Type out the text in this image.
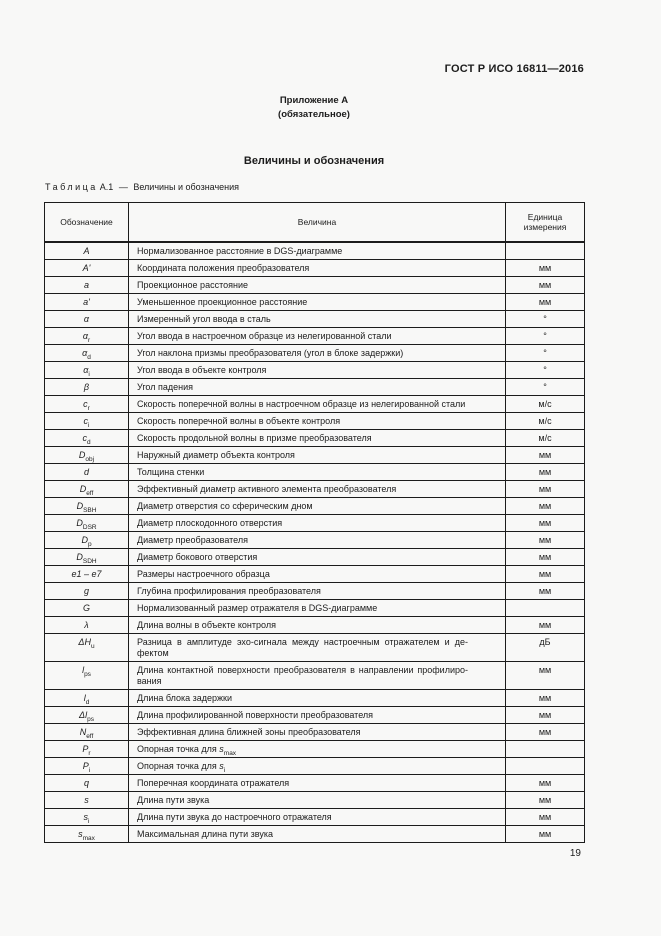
ГОСТ Р ИСО 16811—2016
Приложение А
(обязательное)
Величины и обозначения
Таблица А.1 — Величины и обозначения
Обозначение	Величина	Единица измерения
A	Нормализованное расстояние в DGS-диаграмме	

A'	Координата положения преобразователя	мм
a	Проекционное расстояние	мм
a'	Уменьшенное проекционное расстояние	мм
α	Измеренный угол ввода в сталь	°
$\alpha_r$	Угол ввода в настроечном образце из нелегированной стали	°
$\alpha_d$	Угол наклона призмы преобразователя (угол в блоке задержки)	°
$\alpha_i$	Угол ввода в объекте контроля	°
β	Угол падения	°
$c_r$	Скорость поперечной волны в настроечном образце из нелегированной стали	м/с
$c_i$	Скорость поперечной волны в объекте контроля	м/с
$c_d$	Скорость продольной волны в призме преобразователя	м/с
$D_{obj}$	Наружный диаметр объекта контроля	мм
d	Толщина стенки	мм
$D_{eff}$	Эффективный диаметр активного элемента преобразователя	мм
$D_{SBH}$	Диаметр отверстия со сферическим дном	мм
$D_{DSR}$	Диаметр плоскодонного отверстия	мм
$D_p$	Диаметр преобразователя	мм
$D_{SDH}$	Диаметр бокового отверстия	мм
e1 – e7	Размеры настроечного образца	мм
g	Глубина профилирования преобразователя	мм
G	Нормализованный размер отражателя в DGS-диаграмме	

λ	Длина волны в объекте контроля	мм
$\Delta H_u$	Разница в амплитуде эхо-сигнала между настроечным отражателем и дефектом	дБ
$l_{ps}$	Длина контактной поверхности преобразователя в направлении профилирования	мм
$l_d$	Длина блока задержки	мм
$\Delta l_{ps}$	Длина профилированной поверхности преобразователя	мм
$N_{eff}$	Эффективная длина ближней зоны преобразователя	мм
$P_r$	Опорная точка для $s_{max}$

$P_i$	Опорная точка для $s_i$

q	Поперечная координата отражателя	мм
s	Длина пути звука	мм
$s_i$	Длина пути звука до настроечного отражателя	мм
$s_{max}$	Максимальная длина пути звука	мм
19
